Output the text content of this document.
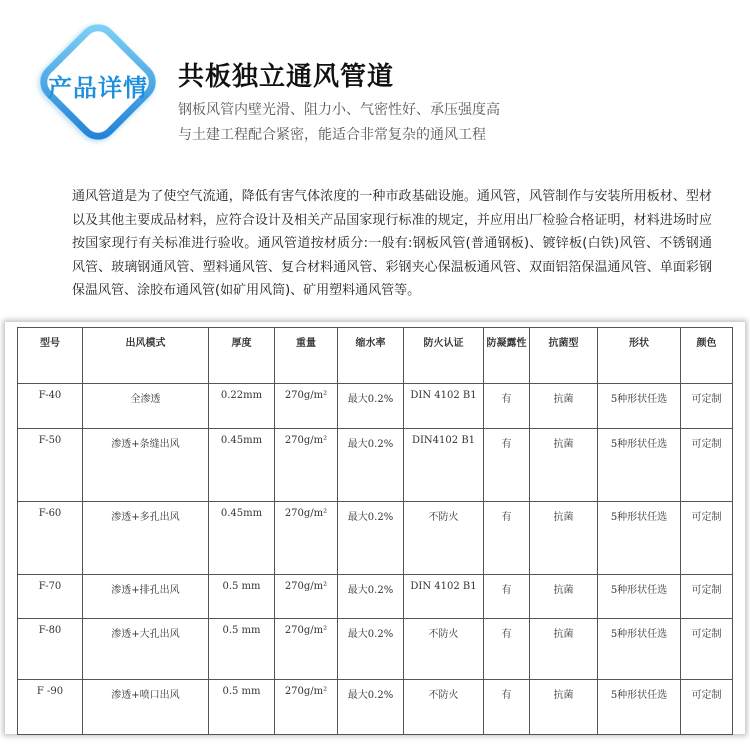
产品详情	共板独立通风管道
钢板风管内壁光滑、阻力小、气密性好、承压强度高
与土建工程配合紧密，能适合非常复杂的通风工程
通风管道是为了使空气流通，降低有害气体浓度的一种市政基础设施。通风管，风管制作与安装所用板材、型材以及其他主要成品材料，应符合设计及相关产品国家现行标准的规定，并应用出厂检验合格证明，材料进场时应按国家现行有关标准进行验收。通风管道按材质分:一般有:钢板风管(普通钢板)、镀锌板(白铁)风管、不锈钢通风管、玻璃钢通风管、塑料通风管、复合材料通风管、彩钢夹心保温板通风管、双面铝箔保温通风管、单面彩钢保温风管、涂胶布通风管(如矿用风筒)、矿用塑料通风管等。
型号	出风模式	厚度	重量	缩水率	防火认证	防凝露性	抗菌型	形状	颜色
F-40	全渗透	0.22mm	270g/m²	最大0.2%	DIN 4102 B1	有	抗菌	5种形状任选	可定制
F-50	渗透+条缝出风	0.45mm	270g/m²	最大0.2%	DIN4102 B1	有	抗菌	5种形状任选	可定制
F-60	渗透+多孔出风	0.45mm	270g/m²	最大0.2%	不防火	有	抗菌	5种形状任选	可定制
F-70	渗透+排孔出风	0.5 mm	270g/m²	最大0.2%	DIN 4102 B1	有	抗菌	5种形状任选	可定制
F-80	渗透+大孔出风	0.5 mm	270g/m²	最大0.2%	不防火	有	抗菌	5种形状任选	可定制
F -90	渗透+喷口出风	0.5 mm	270g/m²	最大0.2%	不防火	有	抗菌	5种形状任选	可定制
